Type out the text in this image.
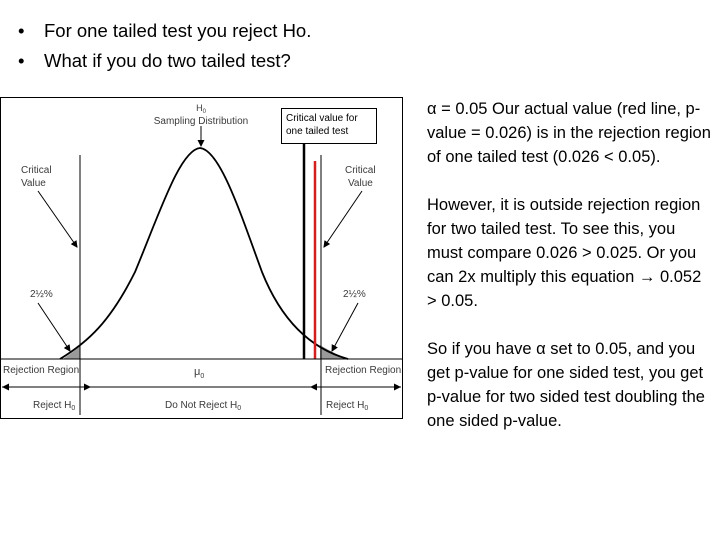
• For one tailed test you reject Ho.
• What if you do two tailed test?
$H_0$
Sampling Distribution
Critical
Value
Critical
Value
2½%	2½%
Rejection Region	Rejection Region
$\mu_0$
Reject $H_0$	Do Not Reject $H_0$	Reject $H_0$
Critical value for one tailed test

α = 0.05 Our actual value (red line, p-value = 0.026) is in the rejection region of one tailed test (0.026 < 0.05).

However, it is outside rejection region for two tailed test. To see this, you must compare 0.026 > 0.025. Or you can 2x multiply this equation → 0.052 > 0.05.

So if you have α set to 0.05, and you get p-value for one sided test, you get p-value for two sided test doubling the one sided p-value.
